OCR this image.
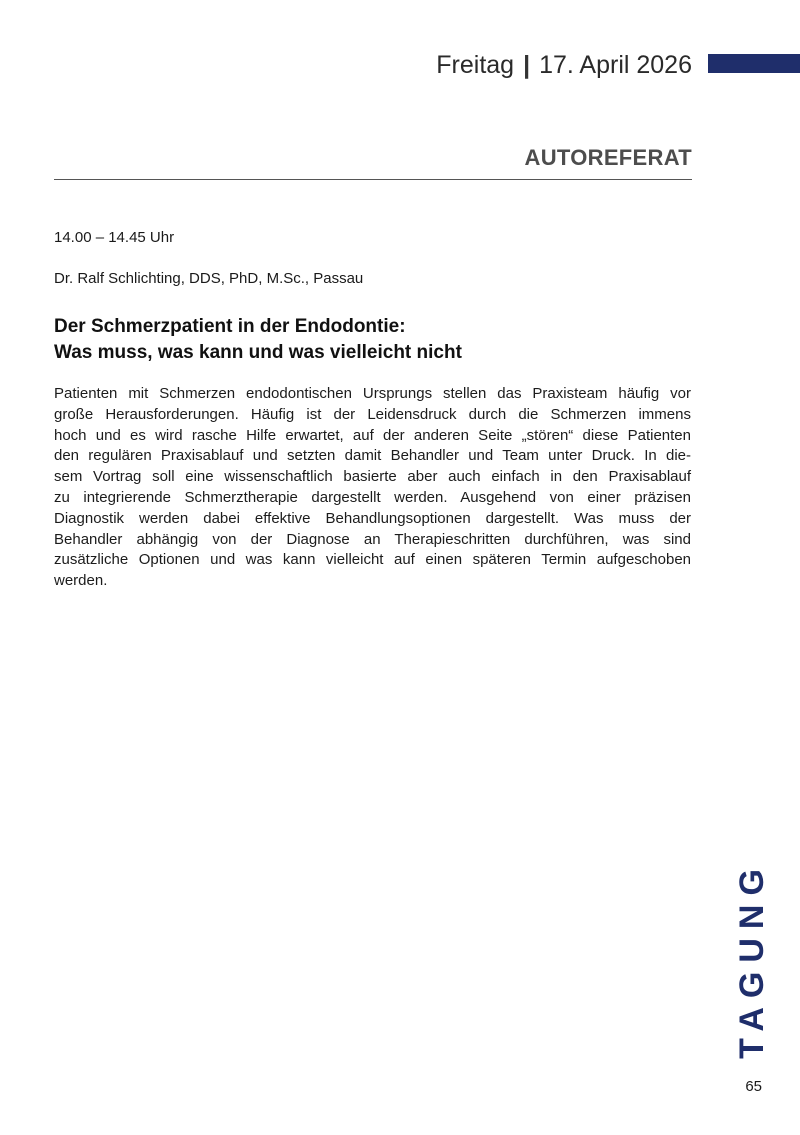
Freitag | 17. April 2026
AUTOREFERAT
14.00 – 14.45 Uhr
Dr. Ralf Schlichting, DDS, PhD, M.Sc., Passau
Der Schmerzpatient in der Endodontie:
Was muss, was kann und was vielleicht nicht
Patienten mit Schmerzen endodontischen Ursprungs stellen das Praxisteam häufig vor
große Herausforderungen. Häufig ist der Leidensdruck durch die Schmerzen immens
hoch und es wird rasche Hilfe erwartet, auf der anderen Seite „stören“ diese Patienten
den regulären Praxisablauf und setzten damit Behandler und Team unter Druck. In die-
sem Vortrag soll eine wissenschaftlich basierte aber auch einfach in den Praxisablauf
zu integrierende Schmerztherapie dargestellt werden. Ausgehend von einer präzisen
Diagnostik werden dabei effektive Behandlungsoptionen dargestellt. Was muss der
Behandler abhängig von der Diagnose an Therapieschritten durchführen, was sind
zusätzliche Optionen und was kann vielleicht auf einen späteren Termin aufgeschoben
werden.
TAGUNG
65
